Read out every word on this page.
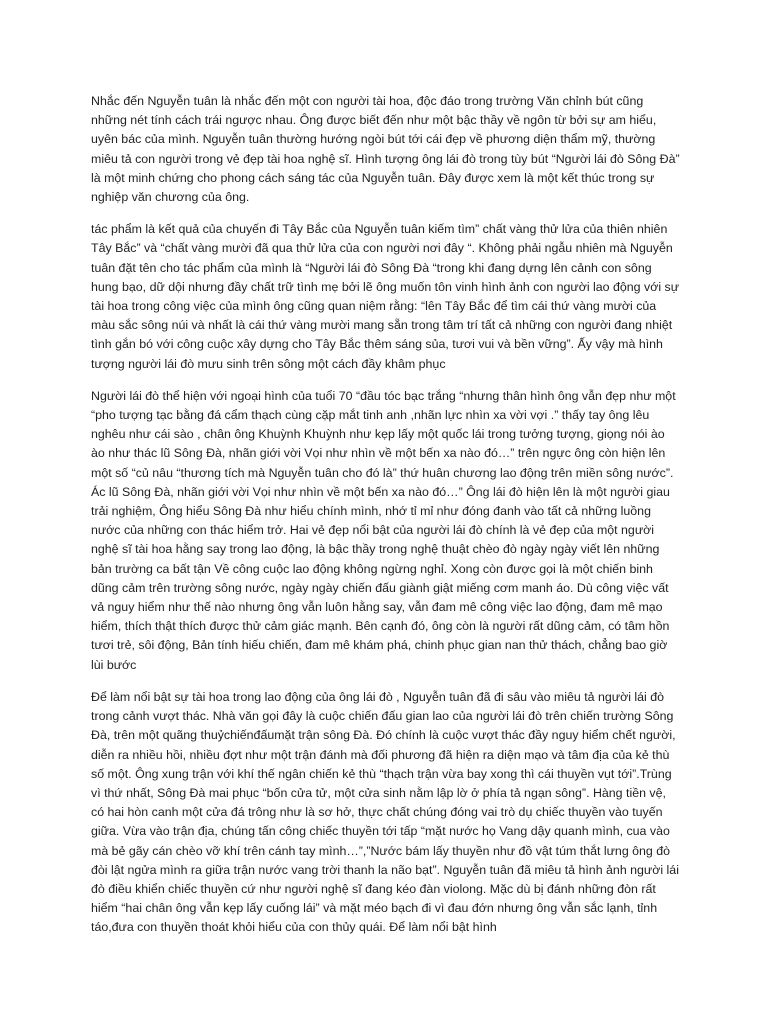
Nhắc đến Nguyễn tuân là nhắc đến một con người tài hoa, độc đáo trong trường Văn chỉnh bút cũng những nét tính cách trái ngược nhau. Ông được biết đến như một bậc thầy về ngôn từ bởi sự am hiểu, uyên bác của mình. Nguyễn tuân thường hướng ngòi bút tới cái đẹp về phương diện thẩm mỹ, thường miêu tả con người trong vẻ đẹp tài hoa nghệ sĩ. Hình tượng ông lái đò trong tùy bút “Người lái đò Sông Đà” là một minh chứng cho phong cách sáng tác của Nguyễn tuân. Đây được xem là một kết thúc trong sự nghiệp văn chương của ông.

tác phẩm là kết quả của chuyến đi Tây Bắc của Nguyễn tuân kiếm tìm” chất vàng thử lửa của thiên nhiên Tây Bắc” và “chất vàng mười đã qua thử lửa của con người nơi đây “. Không phải ngẫu nhiên mà Nguyễn tuân đặt tên cho tác phẩm của mình là “Người lái đò Sông Đà “trong khi đang dựng lên cảnh con sông hung bạo, dữ dội nhưng đầy chất trữ tình mẹ bởi lẽ ông muốn tôn vinh hình ảnh con người lao động với sự tài hoa trong công việc của mình ông cũng quan niệm rằng: “lên Tây Bắc để tìm cái thứ vàng mười của màu sắc sông núi và nhất là cái thứ vàng mười mang sẵn trong tâm trí tất cả những con người đang nhiệt tình gắn bó với công cuộc xây dựng cho Tây Bắc thêm sáng sủa, tươi vui và bền vững”. Ấy vậy mà hình tượng người lái đò mưu sinh trên sông một cách đầy khâm phục

Người lái đò thể hiện với ngoại hình của tuổi 70 “đầu tóc bạc trắng “nhưng thân hình ông vẫn đẹp như một “pho tượng tạc bằng đá cẩm thạch cùng cặp mắt tinh anh ,nhãn lực nhìn xa vời vợi .” thấy tay ông lêu nghêu như cái sào , chân ông Khuỳnh Khuỳnh như kẹp lấy một quốc lái trong tưởng tượng, giọng nói ào ào như thác lũ Sông Đà, nhãn giới vời Vọi như nhìn về một bến xa nào đó…” trên ngực ông còn hiện lên một số “củ nâu “thương tích mà Nguyễn tuân cho đó là” thứ huân chương lao động trên miền sông nước”. Ác lũ Sông Đà, nhãn giới vời Vọi như nhìn về một bến xa nào đó…” Ông lái đò hiện lên là một người giau trải nghiệm, Ông hiểu Sông Đà như hiểu chính mình, nhớ tỉ mỉ như đóng đanh vào tất cả những luồng nước của những con thác hiểm trở. Hai vẻ đẹp nổi bật của người lái đò chính là vẻ đẹp của một người nghệ sĩ tài hoa hằng say trong lao động, là bậc thầy trong nghệ thuật chèo đò ngày ngày viết lên những bản trường ca bất tận Về công cuộc lao động không ngừng nghỉ. Xong còn được gọi là một chiến binh dũng cảm trên trường sông nước, ngày ngày chiến đấu giành giật miếng cơm manh áo. Dù công việc vất vả nguy hiểm như thế nào nhưng ông vẫn luôn hằng say, vẫn đam mê công việc lao động, đam mê mạo hiểm, thích thật thích được thử cảm giác mạnh. Bên cạnh đó, ông còn là người rất dũng cảm, có tâm hồn tươi trẻ, sôi động, Bản tính hiếu chiến, đam mê khám phá, chinh phục gian nan thử thách, chẳng bao giờ lùi bước

Để làm nổi bật sự tài hoa trong lao động của ông lái đò , Nguyễn tuân đã đi sâu vào miêu tả người lái đò trong cảnh vượt thác. Nhà văn gọi đây là cuộc chiến đấu gian lao của người lái đò trên chiến trường Sông Đà, trên một quãng thuỷchiếnđấumặt trận sông Đà. Đó chính là cuộc vượt thác đầy nguy hiểm chết người, diễn ra nhiều hồi, nhiều đợt như một trận đánh mà đối phương đã hiện ra diện mạo và tâm địa của kẻ thù số một. Ông xung trận với khí thế ngân chiến kẻ thù “thạch trận vừa bay xong thì cái thuyền vụt tới”.Trùng vì thứ nhất, Sông Đà mai phục “bốn cửa tử, một cửa sinh nằm lập lờ ở phía tả ngạn sông”. Hàng tiền vệ, có hai hòn canh một cửa đá trông như là sơ hở, thực chất chúng đóng vai trò dụ chiếc thuyền vào tuyến giữa. Vừa vào trận địa, chúng tấn công chiếc thuyền tới tấp “mặt nước họ Vang dậy quanh mình, cua vào mà bẻ gãy cán chèo vỡ khí trên cánh tay mình…”,”Nước bám lấy thuyền như đồ vật túm thắt lưng ông đò đòi lật ngửa mình ra giữa trận nước vang trời thanh la não bạt”. Nguyễn tuân đã miêu tả hình ảnh người lái đò điều khiển chiếc thuyền cứ như người nghệ sĩ đang kéo đàn violong. Mặc dù bị đánh những đòn rất hiểm “hai chân ông vẫn kẹp lấy cuống lái” và mặt méo bạch đi vì đau đớn nhưng ông vẫn sắc lạnh, tỉnh táo,đưa con thuyền thoát khỏi hiểu của con thủy quái. Để làm nổi bật hình
